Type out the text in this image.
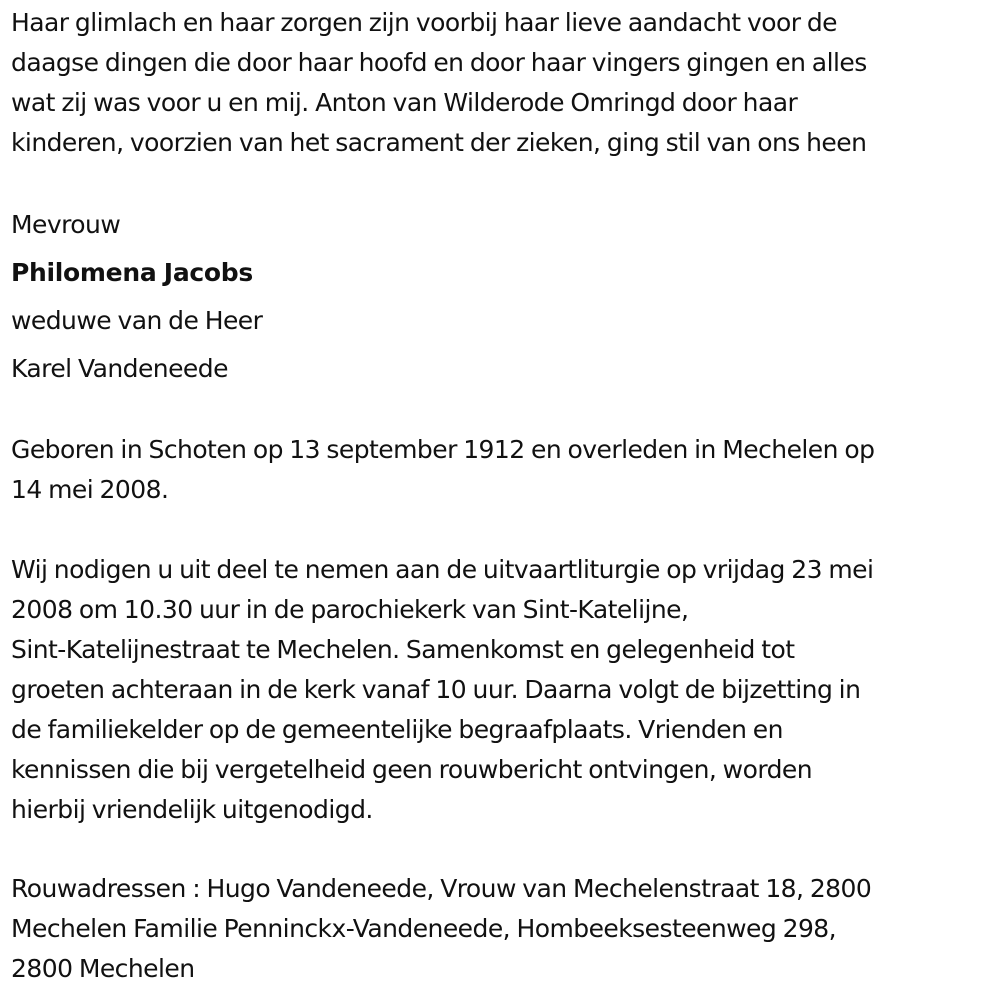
Haar glimlach en haar zorgen zijn voorbij haar lieve aandacht voor de
daagse dingen die door haar hoofd en door haar vingers gingen en alles
wat zij was voor u en mij. Anton van Wilderode Omringd door haar
kinderen, voorzien van het sacrament der zieken, ging stil van ons heen

Mevrouw

Philomena Jacobs

weduwe van de Heer

Karel Vandeneede

Geboren in Schoten op 13 september 1912 en overleden in Mechelen op
14 mei 2008.

Wij nodigen u uit deel te nemen aan de uitvaartliturgie op vrijdag 23 mei
2008 om 10.30 uur in de parochiekerk van Sint-Katelijne,
Sint-Katelijnestraat te Mechelen. Samenkomst en gelegenheid tot
groeten achteraan in de kerk vanaf 10 uur. Daarna volgt de bijzetting in
de familiekelder op de gemeentelijke begraafplaats. Vrienden en
kennissen die bij vergetelheid geen rouwbericht ontvingen, worden
hierbij vriendelijk uitgenodigd.

Rouwadressen : Hugo Vandeneede, Vrouw van Mechelenstraat 18, 2800
Mechelen Familie Penninckx-Vandeneede, Hombeeksesteenweg 298,
2800 Mechelen
